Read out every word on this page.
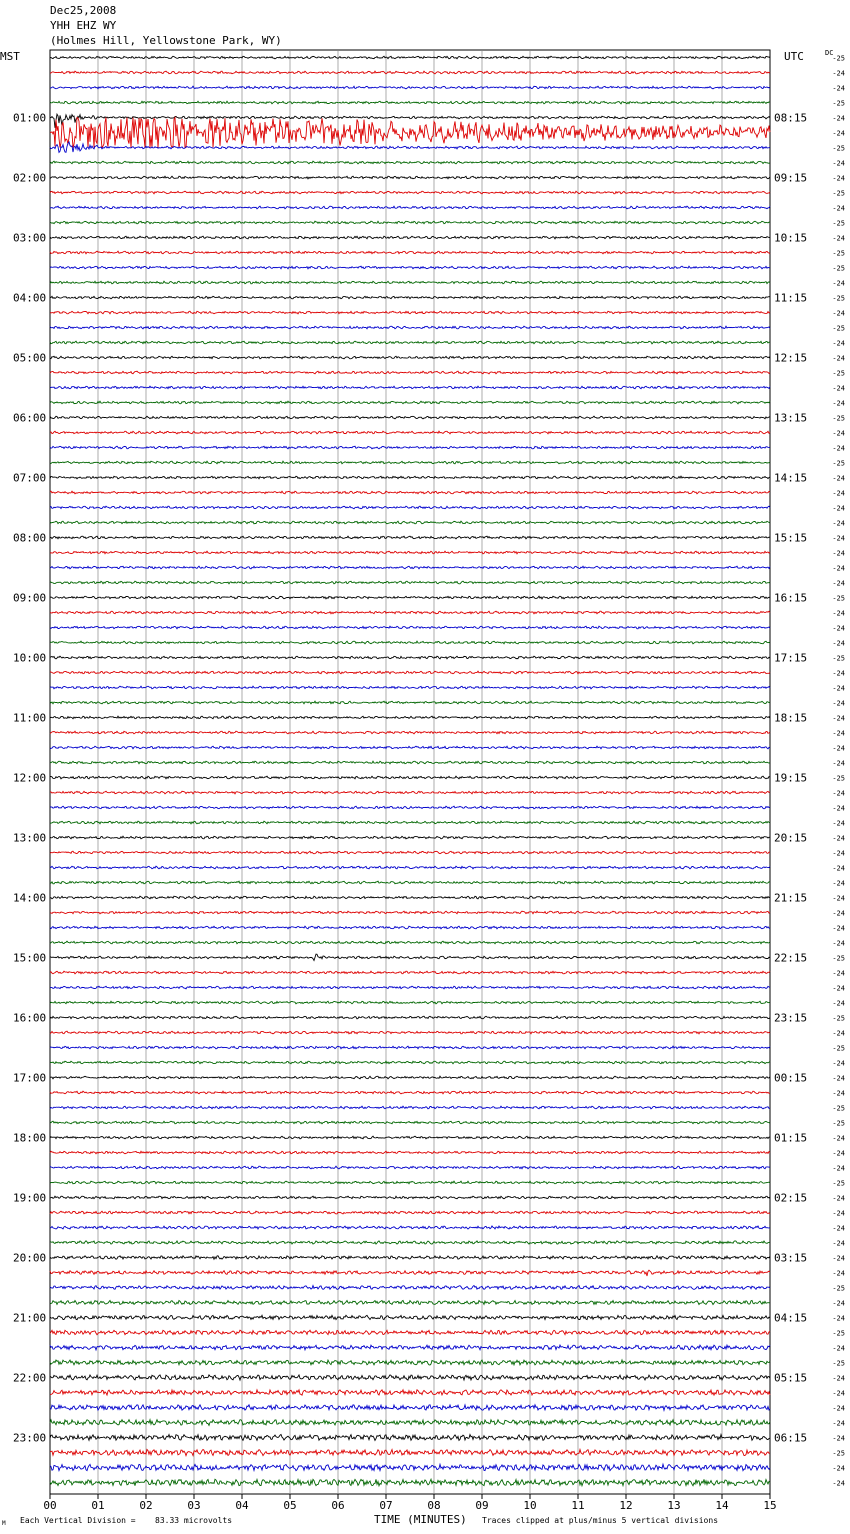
Dec25,2008
YHH EHZ WY
(Holmes Hill, Yellowstone Park, WY)
MST	UTC	DC
00	01	02	03	04	05	06	07	08	09	10	11	12	13	14	15
-25
-24
-24
-25
-24
-24
-25
-24
-24
-25
-24
-25
-24
-25
-25
-24
-25
-24
-25
-24
-24
-25
-24
-24
-25
-24
-24
-25
-24
-24
-24
-24
-24
-24
-24
-24
-25
-24
-24
-24
-25
-24
-24
-24
-24
-24
-24
-24
-25
-24
-24
-24
-24
-24
-24
-24
-24
-24
-24
-24
-25
-24
-24
-24
-25
-24
-25
-24
-24
-24
-25
-25
-24
-24
-24
-25
-24
-24
-24
-24
-24
-24
-25
-24
-24
-25
-24
-25
-24
-24
-24
-24
-24
-25
-24
-24
01:00	08:15
02:00	09:15
03:00	10:15
04:00	11:15
05:00	12:15
06:00	13:15
07:00	14:15
08:00	15:15
09:00	16:15
10:00	17:15
11:00	18:15
12:00	19:15
13:00	20:15
14:00	21:15
15:00	22:15
16:00	23:15
17:00	00:15
18:00	01:15
19:00	02:15
20:00	03:15
21:00	04:15
22:00	05:15
23:00	06:15
M Each Vertical Division = 83.33 microvolts	TIME (MINUTES) Traces clipped at plus/minus 5 vertical divisions
